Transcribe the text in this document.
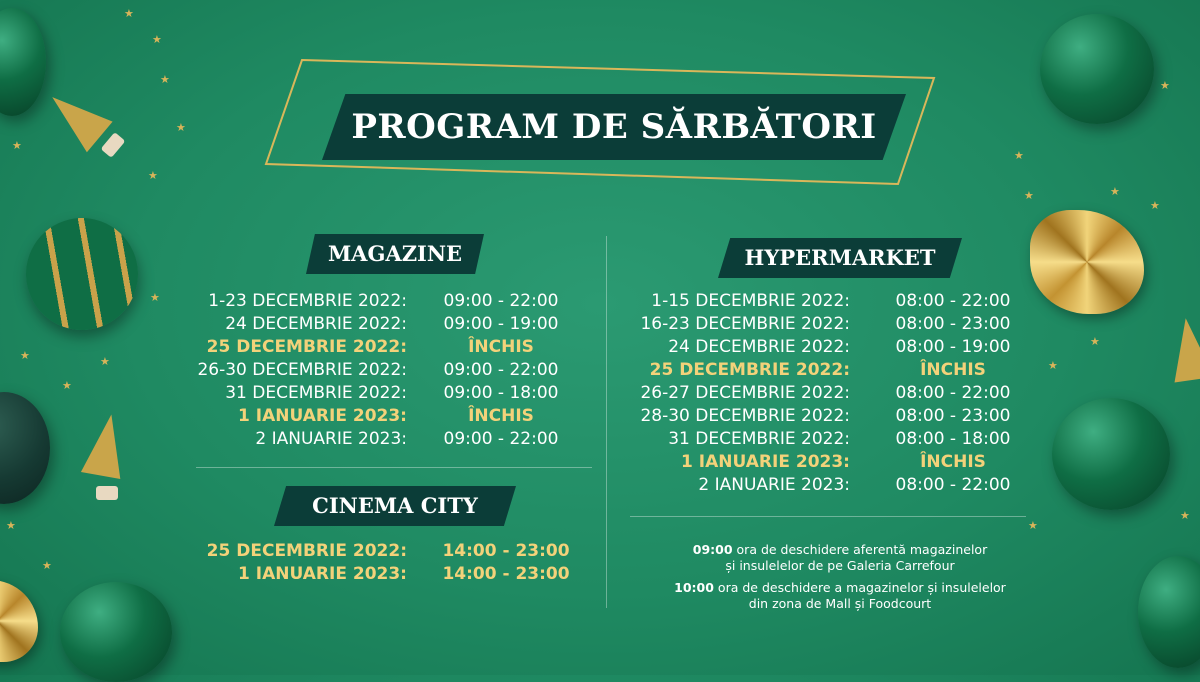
★
★
★
★
★
★
★
★
★
★
★
★
★
★
★
★
★
★
★
★
★
PROGRAM DE SĂRBĂTORI
MAGAZINE
1-23 DECEMBRIE 2022:	09:00 - 22:00
24 DECEMBRIE 2022:	09:00 - 19:00
25 DECEMBRIE 2022:	ÎNCHIS
26-30 DECEMBRIE 2022:	09:00 - 22:00
31 DECEMBRIE 2022:	09:00 - 18:00
1 IANUARIE 2023:	ÎNCHIS
2 IANUARIE 2023:	09:00 - 22:00
CINEMA CITY
25 DECEMBRIE 2022:	14:00 - 23:00
1 IANUARIE 2023:	14:00 - 23:00
HYPERMARKET
1-15 DECEMBRIE 2022:	08:00 - 22:00
16-23 DECEMBRIE 2022:	08:00 - 23:00
24 DECEMBRIE 2022:	08:00 - 19:00
25 DECEMBRIE 2022:	ÎNCHIS
26-27 DECEMBRIE 2022:	08:00 - 22:00
28-30 DECEMBRIE 2022:	08:00 - 23:00
31 DECEMBRIE 2022:	08:00 - 18:00
1 IANUARIE 2023:	ÎNCHIS
2 IANUARIE 2023:	08:00 - 22:00
09:00 ora de deschidere aferentă magazinelor
și insulelelor de pe Galeria Carrefour
10:00 ora de deschidere a magazinelor și insulelelor
din zona de Mall și Foodcourt
